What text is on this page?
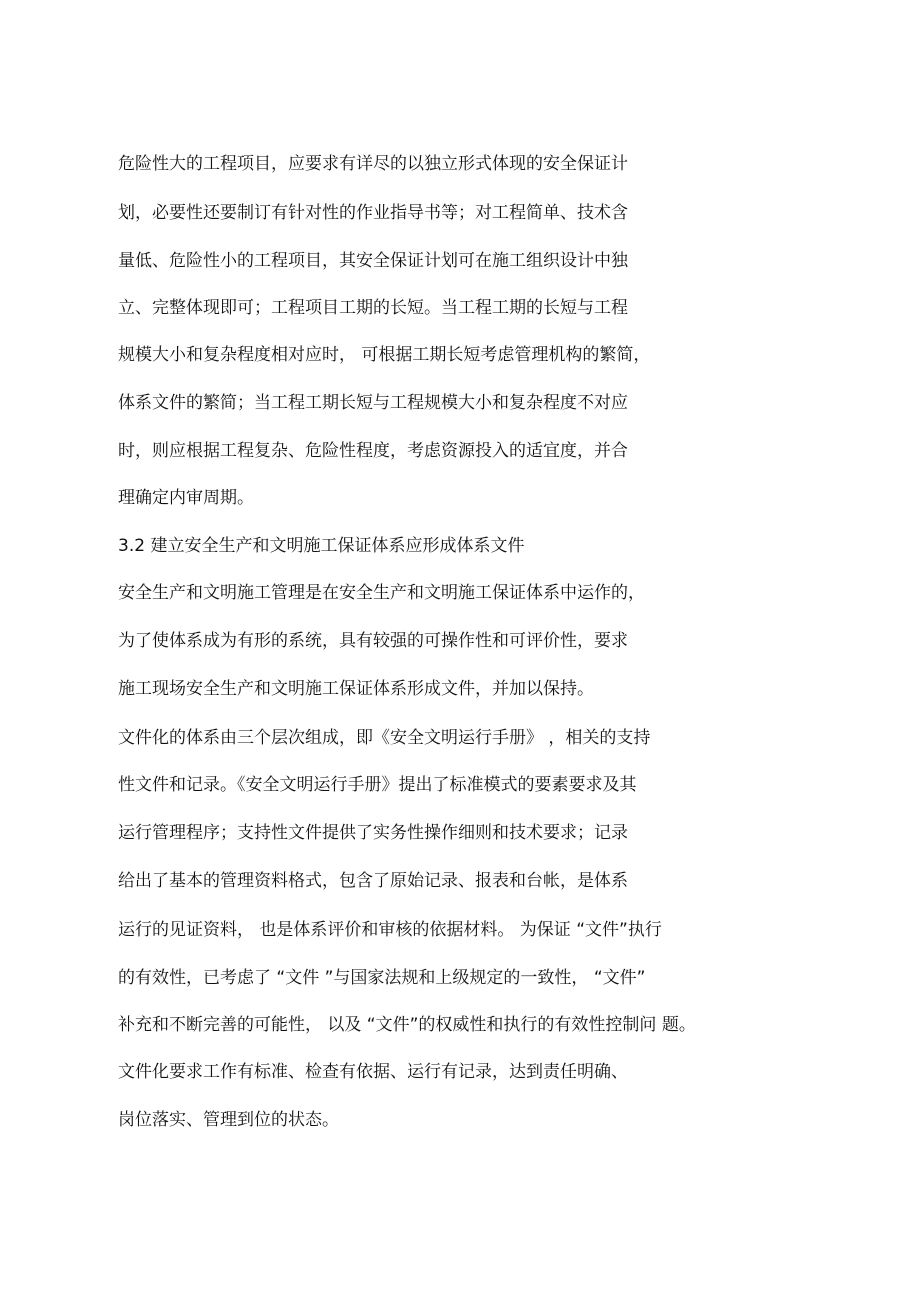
危险性大的工程项目，应要求有详尽的以独立形式体现的安全保证计
划，必要性还要制订有针对性的作业指导书等；对工程简单、技术含
量低、危险性小的工程项目，其安全保证计划可在施工组织设计中独
立、完整体现即可；工程项目工期的长短。当工程工期的长短与工程
规模大小和复杂程度相对应时， 可根据工期长短考虑管理机构的繁简，
体系文件的繁简；当工程工期长短与工程规模大小和复杂程度不对应
时，则应根据工程复杂、危险性程度，考虑资源投入的适宜度，并合
理确定内审周期。
3.2 建立安全生产和文明施工保证体系应形成体系文件
安全生产和文明施工管理是在安全生产和文明施工保证体系中运作的，
为了使体系成为有形的系统，具有较强的可操作性和可评价性，要求
施工现场安全生产和文明施工保证体系形成文件，并加以保持。
文件化的体系由三个层次组成，即《安全文明运行手册》 ，相关的支持
性文件和记录。《安全文明运行手册》提出了标准模式的要素要求及其
运行管理程序；支持性文件提供了实务性操作细则和技术要求；记录
给出了基本的管理资料格式，包含了原始记录、报表和台帐，是体系
运行的见证资料， 也是体系评价和审核的依据材料。 为保证 “文件”执行
的有效性，已考虑了 “文件 ”与国家法规和上级规定的一致性， “文件”
补充和不断完善的可能性， 以及 “文件”的权威性和执行的有效性控制问 题。
文件化要求工作有标准、检查有依据、运行有记录，达到责任明确、
岗位落实、管理到位的状态。
